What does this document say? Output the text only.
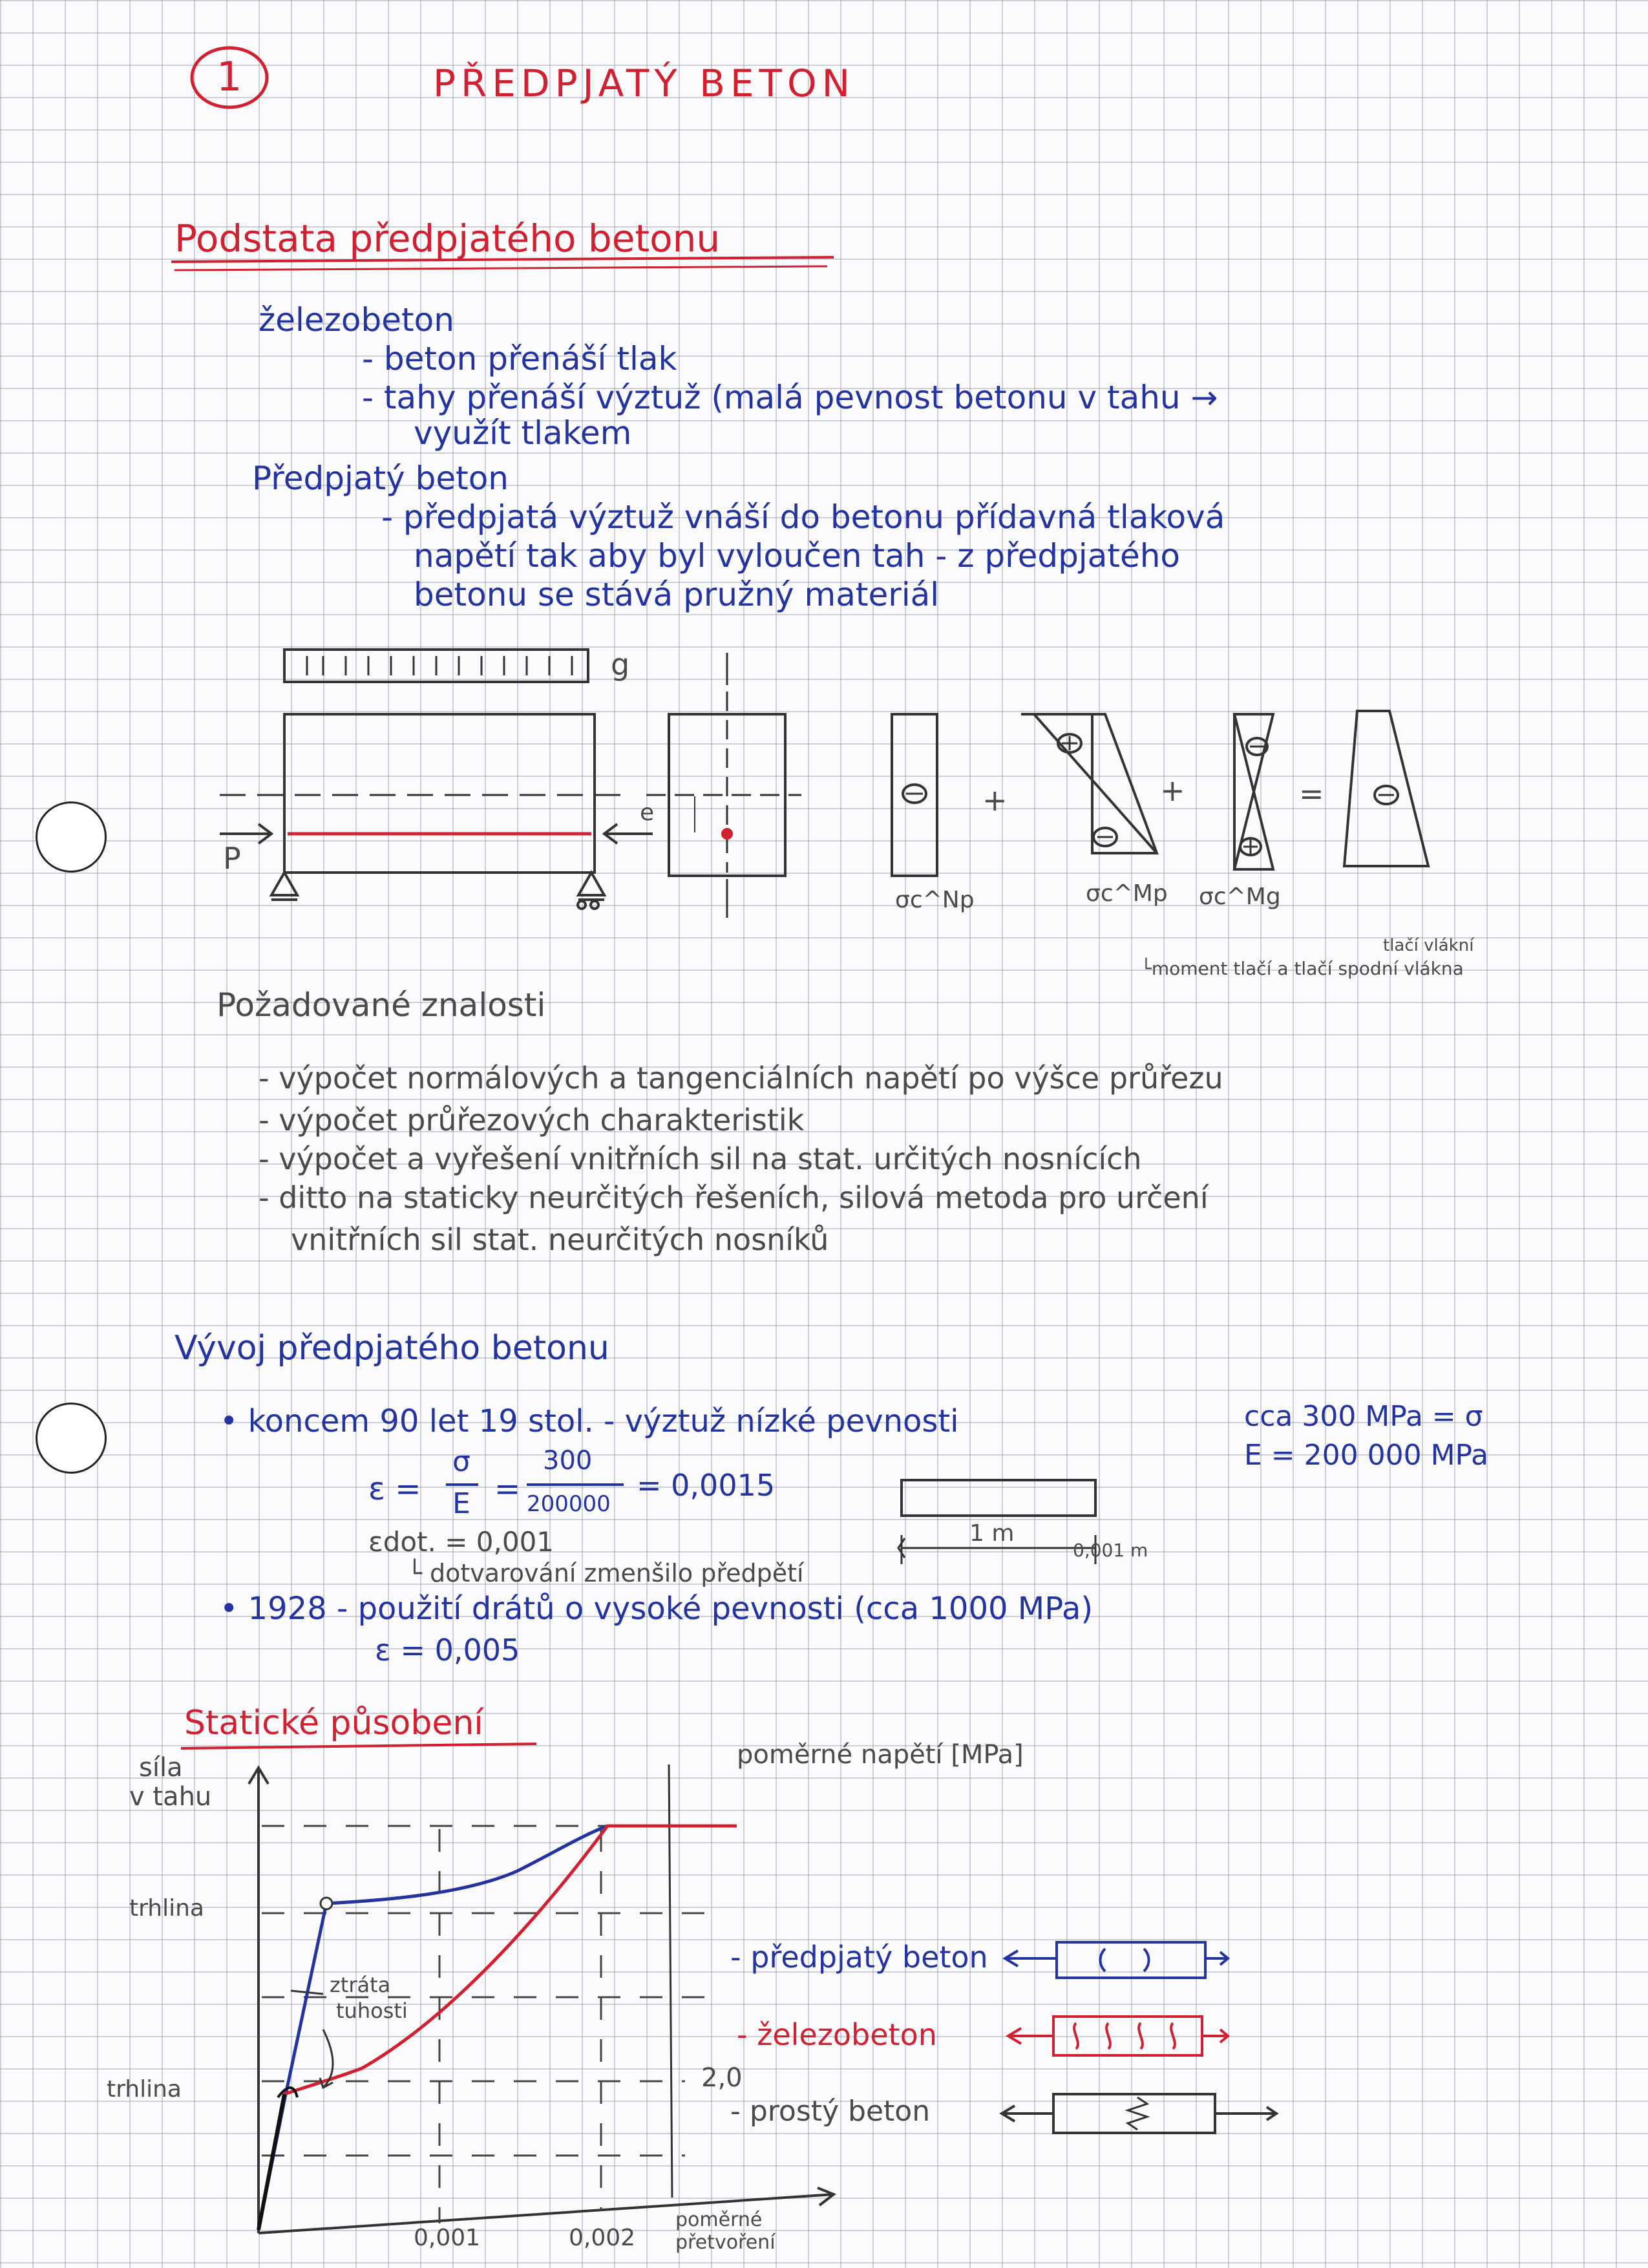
1	PŘEDPJATÝ BETON
Podstata předpjatého betonu
železobeton
- beton přenáší tlak
- tahy přenáší výztuž (malá pevnost betonu v tahu →
využít tlakem
Předpjatý beton
- předpjatá výztuž vnáší do betonu přídavná tlaková
napětí tak aby byl vyloučen tah - z předpjatého
betonu se stává pružný materiál
g
P
e	+	+	=
σc^Np	σc^Mp σc^Mg
tlačí vlákní
└moment tlačí a tlačí spodní vlákna
Požadované znalosti
- výpočet normálových a tangenciálních napětí po výšce průřezu
- výpočet průřezových charakteristik
- výpočet a vyřešení vnitřních sil na stat. určitých nosnících
- ditto na staticky neurčitých řešeních, silová metoda pro určení
vnitřních sil stat. neurčitých nosníků
Vývoj předpjatého betonu
• koncem 90 let 19 stol. - výztuž nízké pevnosti	cca 300 MPa = σ
E = 200 000 MPa
ε =
σ
E =
300
200000
= 0,0015
εdot. = 0,001
└ dotvarování zmenšilo předpětí
1 m
0,001 m
• 1928 - použití drátů o vysoké pevnosti (cca 1000 MPa)
ε = 0,005
Statické působení
síla
v tahu
trhlina
trhlina
0,001	0,002
poměrné
přetvoření
poměrné napětí [MPa]
ztráta
tuhosti
2,0
- předpjatý beton
- železobeton
- prostý beton
